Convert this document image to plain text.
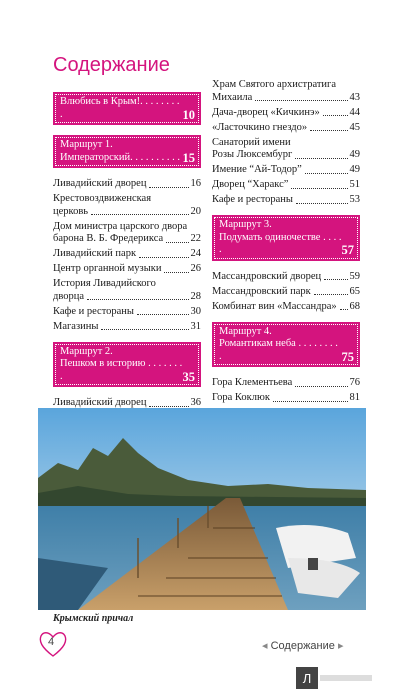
Содержание
Влюбись в Крым!. . . . . . . . .	10
Маршрут 1.
Императорский. . . . . . . . . . 15
Ливадийский дворец	16
Крестовоздвиженская
церковь	20
Дом министра царского двора
барона В. Б. Фредерикса	22
Ливадийский парк	24
Центр органной музыки	26
История Ливадийского
дворца	28
Кафе и рестораны	30
Магазины	31
Маршрут 2.
Пешком в историю . . . . . . . .	35
Ливадийский дворец	36
Храм Святого архистратига
Михаила	43
Дача-дворец «Кичкинэ»	44
«Ласточкино гнездо»	45
Санаторий имени
Розы Люксембург	49
Имение “Ай-Тодор”	49
Дворец “Харакс”	51
Кафе и рестораны	53
Маршрут 3.
Подумать одиночестве . . . . .	57
Массандровский дворец	59
Массандровский парк	65
Комбинат вин «Массандра» 68
Маршрут 4.
Романтикам неба . . . . . . . . .	75
Гора Клементьева	76
Гора Коклюк	81
Крымский причал
4	◂ Содержание ▸
Л
